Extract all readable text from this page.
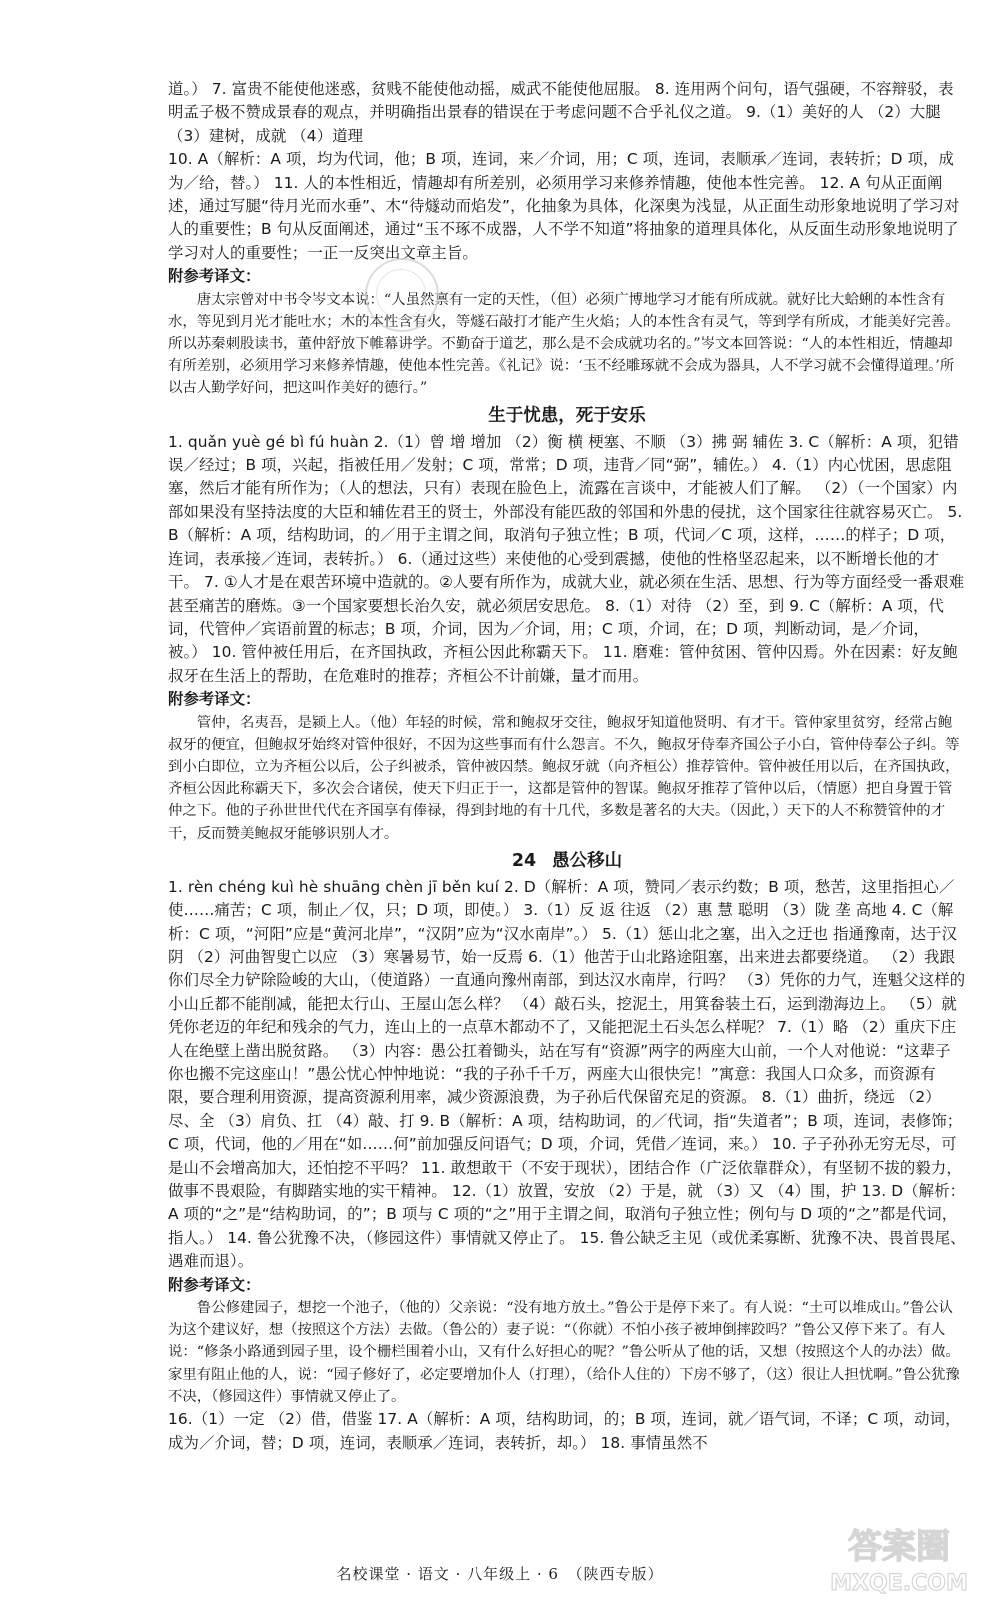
道。） 7. 富贵不能使他迷惑，贫贱不能使他动摇，威武不能使他屈服。 8. 连用两个问句，语气强硬，不容辩驳，表明孟子极不赞成景春的观点，并明确指出景春的错误在于考虑问题不合乎礼仪之道。 9.（1）美好的人 （2）大腿 （3）建树，成就 （4）道理

10. A（解析：A 项，均为代词，他；B 项，连词，来／介词，用；C 项，连词，表顺承／连词，表转折；D 项，成为／给，替。） 11. 人的本性相近，情趣却有所差别，必须用学习来修养情趣，使他本性完善。 12. A 句从正面阐述，通过写腿“待月光而水垂”、木“待燧动而焰发”，化抽象为具体，化深奥为浅显，从正面生动形象地说明了学习对人的重要性；B 句从反面阐述，通过“玉不琢不成器，人不学不知道”将抽象的道理具体化，从反面生动形象地说明了学习对人的重要性；一正一反突出文章主旨。

附参考译文：

唐太宗曾对中书令岑文本说：“人虽然禀有一定的天性，（但）必须广博地学习才能有所成就。就好比大蛤蜊的本性含有水，等见到月光才能吐水；木的本性含有火，等燧石敲打才能产生火焰；人的本性含有灵气，等到学有所成，才能美好完善。所以苏秦刺股读书，董仲舒放下帷幕讲学。不勤奋于道艺，那么是不会成就功名的。”岑文本回答说：“人的本性相近，情趣却有所差别，必须用学习来修养情趣，使他本性完善。《礼记》说：‘玉不经雕琢就不会成为器具，人不学习就不会懂得道理。’所以古人勤学好问，把这叫作美好的德行。”

生于忧患，死于安乐

1. quǎn yuè gé bì fú huàn 2.（1）曾 增 增加 （2）衡 横 梗塞、不顺 （3）拂 弼 辅佐 3. C（解析：A 项，犯错误／经过；B 项，兴起，指被任用／发射；C 项，常常；D 项，违背／同“弼”，辅佐。） 4.（1）内心忧困，思虑阻塞，然后才能有所作为；（人的想法，只有）表现在脸色上，流露在言谈中，才能被人们了解。 （2）（一个国家）内部如果没有坚持法度的大臣和辅佐君王的贤士，外部没有能匹敌的邻国和外患的侵扰，这个国家往往就容易灭亡。 5. B（解析：A 项，结构助词，的／用于主谓之间，取消句子独立性；B 项，代词／C 项，这样，……的样子；D 项，连词，表承接／连词，表转折。） 6.（通过这些）来使他的心受到震撼，使他的性格坚忍起来，以不断增长他的才干。 7. ①人才是在艰苦环境中造就的。②人要有所作为，成就大业，就必须在生活、思想、行为等方面经受一番艰难甚至痛苦的磨炼。③一个国家要想长治久安，就必须居安思危。 8.（1）对待 （2）至，到 9. C（解析：A 项，代词，代管仲／宾语前置的标志；B 项，介词，因为／介词，用；C 项，介词，在；D 项，判断动词，是／介词，被。） 10. 管仲被任用后，在齐国执政，齐桓公因此称霸天下。 11. 磨难：管仲贫困、管仲囚焉。外在因素：好友鲍叔牙在生活上的帮助，在危难时的推荐；齐桓公不计前嫌，量才而用。

附参考译文：

管仲，名夷吾，是颍上人。（他）年轻的时候，常和鲍叔牙交往，鲍叔牙知道他贤明、有才干。管仲家里贫穷，经常占鲍叔牙的便宜，但鲍叔牙始终对管仲很好，不因为这些事而有什么怨言。不久，鲍叔牙侍奉齐国公子小白，管仲侍奉公子纠。等到小白即位，立为齐桓公以后，公子纠被杀，管仲被囚禁。鲍叔牙就（向齐桓公）推荐管仲。管仲被任用以后，在齐国执政，齐桓公因此称霸天下，多次会合诸侯，使天下归正于一，这都是管仲的智谋。鲍叔牙推荐了管仲以后，（情愿）把自身置于管仲之下。他的子孙世世代代在齐国享有俸禄，得到封地的有十几代，多数是著名的大夫。（因此，）天下的人不称赞管仲的才干，反而赞美鲍叔牙能够识别人才。

24 愚公移山

1. rèn chéng kuì hè shuāng chèn jī běn kuí 2. D（解析：A 项，赞同／表示约数；B 项，愁苦，这里指担心／使……痛苦；C 项，制止／仅，只；D 项，即使。） 3.（1）反 返 往返 （2）惠 慧 聪明 （3）陇 垄 高地 4. C（解析：C 项，“河阳”应是“黄河北岸”，“汉阴”应为“汉水南岸”。） 5.（1）惩山北之塞，出入之迂也 指通豫南，达于汉阴 （2）河曲智叟亡以应 （3）寒暑易节，始一反焉 6.（1）他苦于山北路途阻塞，出来进去都要绕道。 （2）我跟你们尽全力铲除险峻的大山，（使道路）一直通向豫州南部，到达汉水南岸，行吗？ （3）凭你的力气，连魁父这样的小山丘都不能削减，能把太行山、王屋山怎么样？ （4）敲石头，挖泥土，用箕畚装土石，运到渤海边上。 （5）就凭你老迈的年纪和残余的气力，连山上的一点草木都动不了，又能把泥土石头怎么样呢？ 7.（1）略 （2）重庆下庄人在绝壁上凿出脱贫路。 （3）内容：愚公扛着锄头，站在写有“资源”两字的两座大山前，一个人对他说：“这辈子你也搬不完这座山！”愚公忧心忡忡地说：“我的子孙千千万，两座大山很快完！”寓意：我国人口众多，而资源有限，要合理利用资源，提高资源利用率，减少资源浪费，为子孙后代保留充足的资源。 8.（1）曲折，绕远 （2）尽、全 （3）肩负、扛 （4）敲、打 9. B（解析：A 项，结构助词，的／代词，指“失道者”；B 项，连词，表修饰；C 项，代词，他的／用在“如……何”前加强反问语气；D 项，介词，凭借／连词，来。） 10. 子子孙孙无穷无尽，可是山不会增高加大，还怕挖不平吗？ 11. 敢想敢干（不安于现状），团结合作（广泛依靠群众），有坚韧不拔的毅力，做事不畏艰险，有脚踏实地的实干精神。 12.（1）放置，安放 （2）于是，就 （3）又 （4）围，护 13. D（解析：A 项的“之”是“结构助词，的”；B 项与 C 项的“之”用于主谓之间，取消句子独立性；例句与 D 项的“之”都是代词，指人。） 14. 鲁公犹豫不决，（修园这件）事情就又停止了。 15. 鲁公缺乏主见（或优柔寡断、犹豫不决、畏首畏尾、遇难而退）。

附参考译文：

鲁公修建园子，想挖一个池子，（他的）父亲说：“没有地方放土。”鲁公于是停下来了。有人说：“土可以堆成山。”鲁公认为这个建议好，想（按照这个方法）去做。（鲁公的）妻子说：“（你就）不怕小孩子被坤倒摔跤吗？”鲁公又停下来了。有人说：“修条小路通到园子里，设个栅栏围着小山，又有什么好担心的呢？”鲁公听从了他的话，又想（按照这个人的办法）做。家里有阻止他的人，说：“园子修好了，必定要增加仆人（打理），（给仆人住的）下房不够了，（这）很让人担忧啊。”鲁公犹豫不决，（修园这件）事情就又停止了。

16.（1）一定 （2）借，借鉴 17. A（解析：A 项，结构助词，的；B 项，连词，就／语气词，不译；C 项，动词，成为／介词，替；D 项，连词，表顺承／连词，表转折，却。） 18. 事情虽然不

答案圈
MXQE.COM
名校课堂 · 语文 · 八年级上 · 6　（陕西专版）
